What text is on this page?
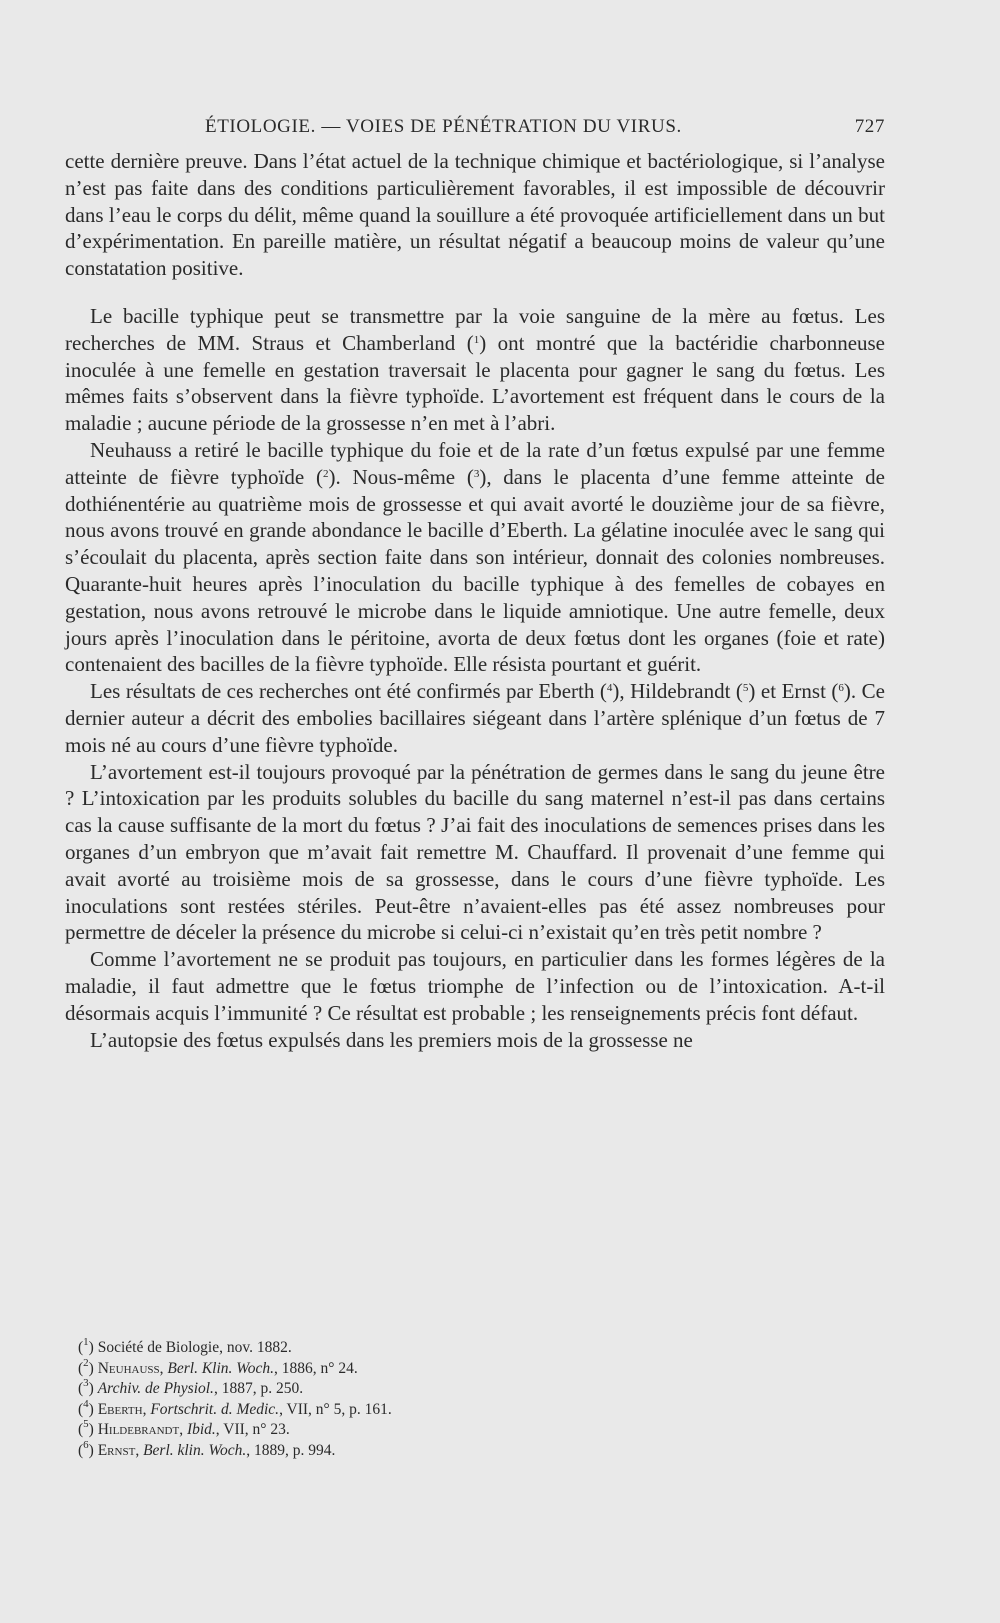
ÉTIOLOGIE. — VOIES DE PÉNÉTRATION DU VIRUS.	727

cette dernière preuve. Dans l’état actuel de la technique chimique et bactériologique, si l’analyse n’est pas faite dans des conditions particulièrement favorables, il est impossible de découvrir dans l’eau le corps du délit, même quand la souillure a été provoquée artificiellement dans un but d’expérimentation. En pareille matière, un résultat négatif a beaucoup moins de valeur qu’une constatation positive.

Le bacille typhique peut se transmettre par la voie sanguine de la mère au fœtus. Les recherches de MM. Straus et Chamberland ($^1$) ont montré que la bactéridie charbonneuse inoculée à une femelle en gestation traversait le placenta pour gagner le sang du fœtus. Les mêmes faits s’observent dans la fièvre typhoïde. L’avortement est fréquent dans le cours de la maladie ; aucune période de la grossesse n’en met à l’abri.

Neuhauss a retiré le bacille typhique du foie et de la rate d’un fœtus expulsé par une femme atteinte de fièvre typhoïde ($^2$). Nous-même ($^3$), dans le placenta d’une femme atteinte de dothiénentérie au quatrième mois de grossesse et qui avait avorté le douzième jour de sa fièvre, nous avons trouvé en grande abondance le bacille d’Eberth. La gélatine inoculée avec le sang qui s’écoulait du placenta, après section faite dans son intérieur, donnait des colonies nombreuses. Quarante-huit heures après l’inoculation du bacille typhique à des femelles de cobayes en gestation, nous avons retrouvé le microbe dans le liquide amniotique. Une autre femelle, deux jours après l’inoculation dans le péritoine, avorta de deux fœtus dont les organes (foie et rate) contenaient des bacilles de la fièvre typhoïde. Elle résista pourtant et guérit.

Les résultats de ces recherches ont été confirmés par Eberth ($^4$), Hildebrandt ($^5$) et Ernst ($^6$). Ce dernier auteur a décrit des embolies bacillaires siégeant dans l’artère splénique d’un fœtus de 7 mois né au cours d’une fièvre typhoïde.

L’avortement est-il toujours provoqué par la pénétration de germes dans le sang du jeune être ? L’intoxication par les produits solubles du bacille du sang maternel n’est-il pas dans certains cas la cause suffisante de la mort du fœtus ? J’ai fait des inoculations de semences prises dans les organes d’un embryon que m’avait fait remettre M. Chauffard. Il provenait d’une femme qui avait avorté au troisième mois de sa grossesse, dans le cours d’une fièvre typhoïde. Les inoculations sont restées stériles. Peut-être n’avaient-elles pas été assez nombreuses pour permettre de déceler la présence du microbe si celui-ci n’existait qu’en très petit nombre ?

Comme l’avortement ne se produit pas toujours, en particulier dans les formes légères de la maladie, il faut admettre que le fœtus triomphe de l’infection ou de l’intoxication. A-t-il désormais acquis l’immunité ? Ce résultat est probable ; les renseignements précis font défaut.

L’autopsie des fœtus expulsés dans les premiers mois de la grossesse ne

($^1$) Société de Biologie, nov. 1882.
($^2$) Neuhauss, Berl. Klin. Woch., 1886, n° 24.
($^3$) Archiv. de Physiol., 1887, p. 250.
($^4$) Eberth, Fortschrit. d. Medic., VII, n° 5, p. 161.
($^5$) Hildebrandt, Ibid., VII, n° 23.
($^6$) Ernst, Berl. klin. Woch., 1889, p. 994.
